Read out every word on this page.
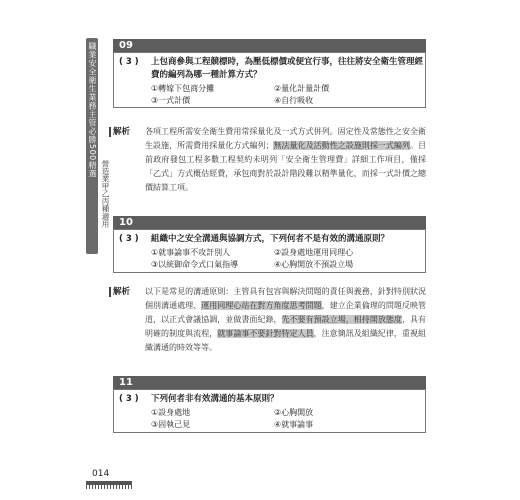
職業安全衛生業務主管必勝500精選
營造業甲乙丙種適用
09
( 3 ) 上包商參與工程競標時，為壓低標價或便宜行事，往往將安全衛生管理經費的編列為哪一種計算方式？
①轉嫁下包商分攤	②量化計量計價
③一式計價	④自行吸收
解析 各項工程所需安全衛生費用常採量化及一式方式併列。固定性及常態性之安全衛生設施，所需費用採量化方式編列；無法量化及活動性之設施則採一式編列。目前政府發包工程多數工程契約未明列「安全衛生管理費」詳細工作項目，僅採「乙式」方式概估經費，承包商對於設計階段難以精準量化，而採一式計價之總價結算工項。
10
( 3 ) 組織中之安全溝通與協調方式，下列何者不是有效的溝通原則？
①就事論事不攻訐別人	②設身處地運用同理心
③以統御命令式口氣指導	④心胸開放不預設立場
解析 以下是常見的溝通原則：主管具有包容與解決問題的責任與義務，針對特別狀況個別溝通處理、運用同理心站在對方角度思考問題，建立企業倫理的問題反映管道，以正式會議協調，並做書面紀錄，先不要有預設立場，相持開放態度，具有明確的制度與流程，就事論事不要針對特定人員，注意簡訊及組織紀律，重視組織溝通的時效等等。
11
( 3 ) 下列何者非有效溝通的基本原則？
①設身處地	②心胸開放
③固執己見	④就事論事
014
